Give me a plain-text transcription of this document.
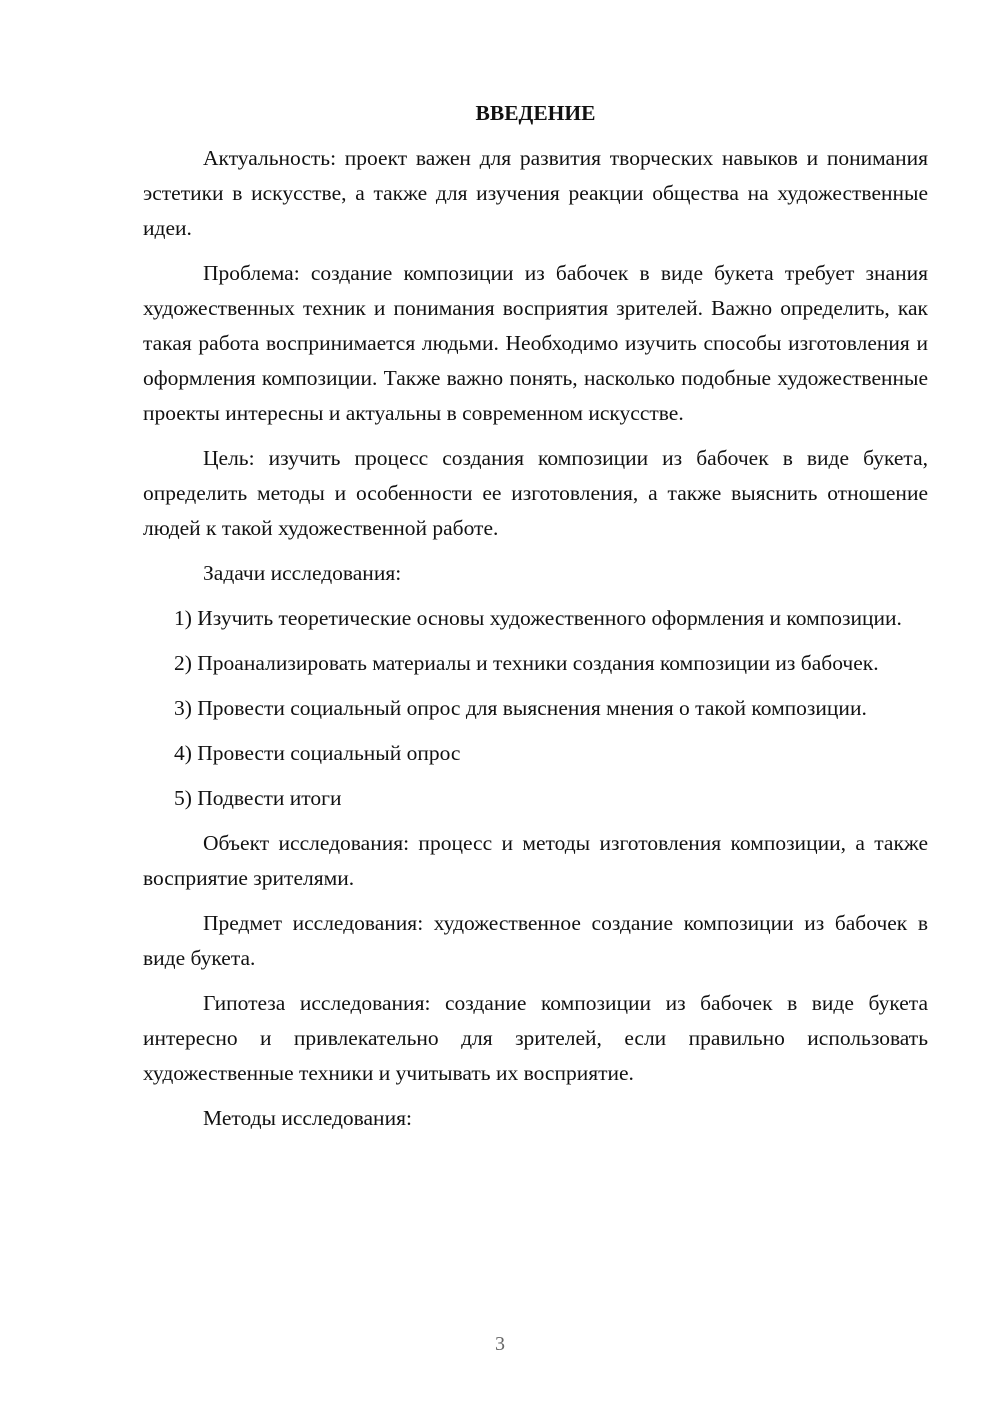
ВВЕДЕНИЕ

Актуальность: проект важен для развития творческих навыков и понимания эстетики в искусстве, а также для изучения реакции общества на художественные идеи.

Проблема: создание композиции из бабочек в виде букета требует знания художественных техник и понимания восприятия зрителей. Важно определить, как такая работа воспринимается людьми. Необходимо изучить способы изготовления и оформления композиции. Также важно понять, насколько подобные художественные проекты интересны и актуальны в современном искусстве.

Цель: изучить процесс создания композиции из бабочек в виде букета, определить методы и особенности ее изготовления, а также выяснить отношение людей к такой художественной работе.

Задачи исследования:

1) Изучить теоретические основы художественного оформления и композиции.

2) Проанализировать материалы и техники создания композиции из бабочек.

3) Провести социальный опрос для выяснения мнения о такой композиции.

4) Провести социальный опрос

5) Подвести итоги

Объект исследования: процесс и методы изготовления композиции, а также восприятие зрителями.

Предмет исследования: художественное создание композиции из бабочек в виде букета.

Гипотеза исследования: создание композиции из бабочек в виде букета интересно и привлекательно для зрителей, если правильно использовать художественные техники и учитывать их восприятие.

Методы исследования:

3
